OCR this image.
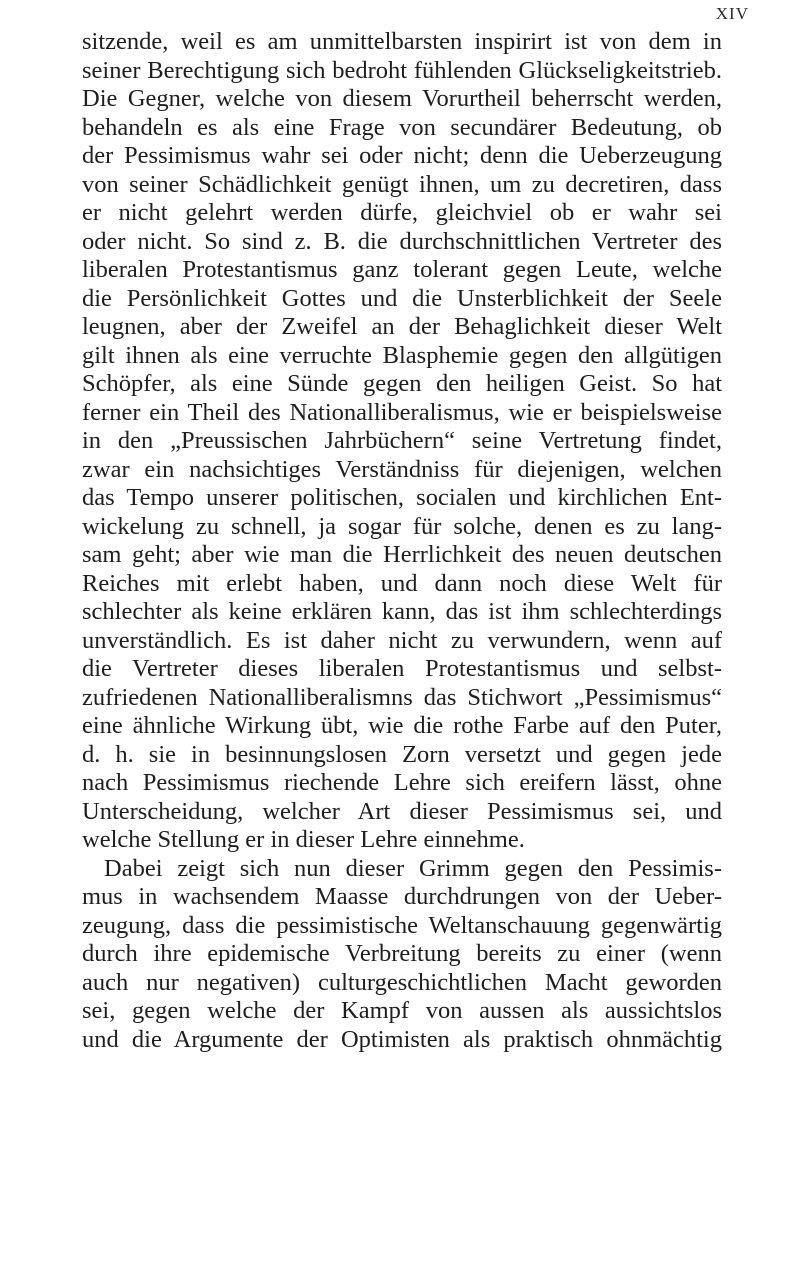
XIV
sitzende, weil es am unmittelbarsten inspirirt ist von dem in
seiner Berechtigung sich bedroht fühlenden Glückseligkeitstrieb.
Die Gegner, welche von diesem Vorurtheil beherrscht werden,
behandeln es als eine Frage von secundärer Bedeutung, ob
der Pessimismus wahr sei oder nicht; denn die Ueberzeugung
von seiner Schädlichkeit genügt ihnen, um zu decretiren, dass
er nicht gelehrt werden dürfe, gleichviel ob er wahr sei
oder nicht. So sind z. B. die durchschnittlichen Vertreter des
liberalen Protestantismus ganz tolerant gegen Leute, welche
die Persönlichkeit Gottes und die Unsterblichkeit der Seele
leugnen, aber der Zweifel an der Behaglichkeit dieser Welt
gilt ihnen als eine verruchte Blasphemie gegen den allgütigen
Schöpfer, als eine Sünde gegen den heiligen Geist. So hat
ferner ein Theil des Nationalliberalismus, wie er beispielsweise
in den „Preussischen Jahrbüchern“ seine Vertretung findet,
zwar ein nachsichtiges Verständniss für diejenigen, welchen
das Tempo unserer politischen, socialen und kirchlichen Ent-
wickelung zu schnell, ja sogar für solche, denen es zu lang-
sam geht; aber wie man die Herrlichkeit des neuen deutschen
Reiches mit erlebt haben, und dann noch diese Welt für
schlechter als keine erklären kann, das ist ihm schlechterdings
unverständlich. Es ist daher nicht zu verwundern, wenn auf
die Vertreter dieses liberalen Protestantismus und selbst-
zufriedenen Nationalliberalismns das Stichwort „Pessimismus“
eine ähnliche Wirkung übt, wie die rothe Farbe auf den Puter,
d. h. sie in besinnungslosen Zorn versetzt und gegen jede
nach Pessimismus riechende Lehre sich ereifern lässt, ohne
Unterscheidung, welcher Art dieser Pessimismus sei, und
welche Stellung er in dieser Lehre einnehme.
Dabei zeigt sich nun dieser Grimm gegen den Pessimis-
mus in wachsendem Maasse durchdrungen von der Ueber-
zeugung, dass die pessimistische Weltanschauung gegenwärtig
durch ihre epidemische Verbreitung bereits zu einer (wenn
auch nur negativen) culturgeschichtlichen Macht geworden
sei, gegen welche der Kampf von aussen als aussichtslos
und die Argumente der Optimisten als praktisch ohnmächtig
